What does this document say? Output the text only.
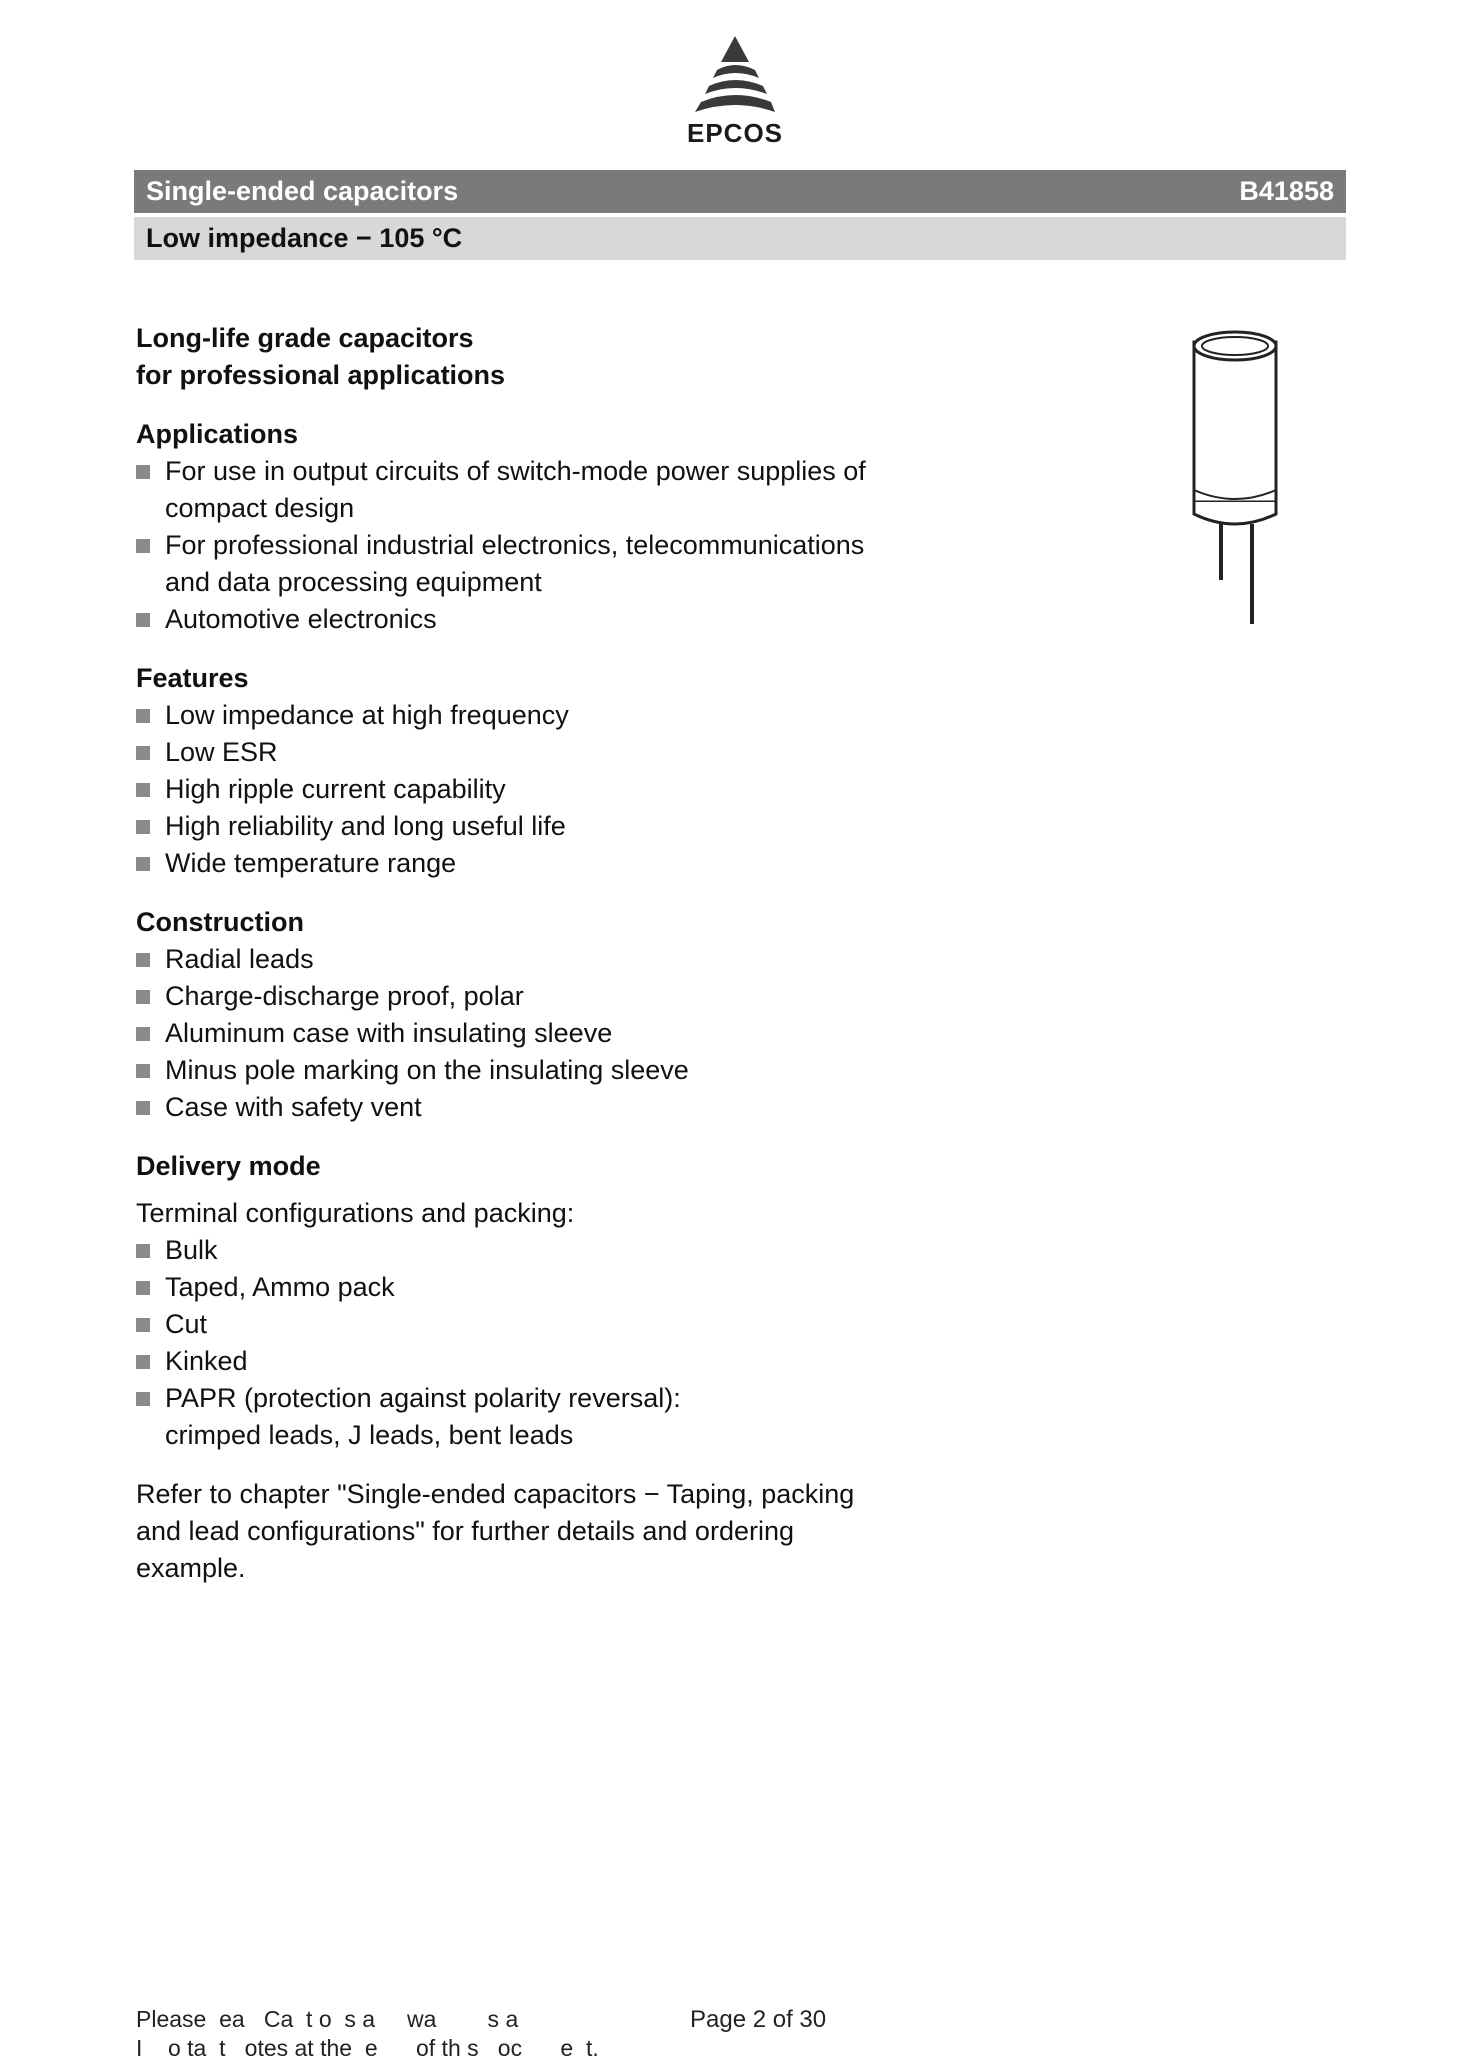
EPCOS
Single-ended capacitors	B41858
Low impedance − 105 °C
Long-life grade capacitors
for professional applications
Applications
For use in output circuits of switch-mode power supplies of
compact design
For professional industrial electronics, telecommunications
and data processing equipment
Automotive electronics
Features
Low impedance at high frequency
Low ESR
High ripple current capability
High reliability and long useful life
Wide temperature range
Construction
Radial leads
Charge-discharge proof, polar
Aluminum case with insulating sleeve
Minus pole marking on the insulating sleeve
Case with safety vent
Delivery mode
Terminal configurations and packing:
Bulk
Taped, Ammo pack
Cut
Kinked
PAPR (protection against polarity reversal):
crimped leads, J leads, bent leads
Refer to chapter "Single-ended capacitors − Taping, packing
and lead configurations" for further details and ordering
example.
Please  ea   Ca  t o  s a     wa        s a
I    o ta  t   otes at the  e      of th s   oc      e  t.
Page 2 of 30
